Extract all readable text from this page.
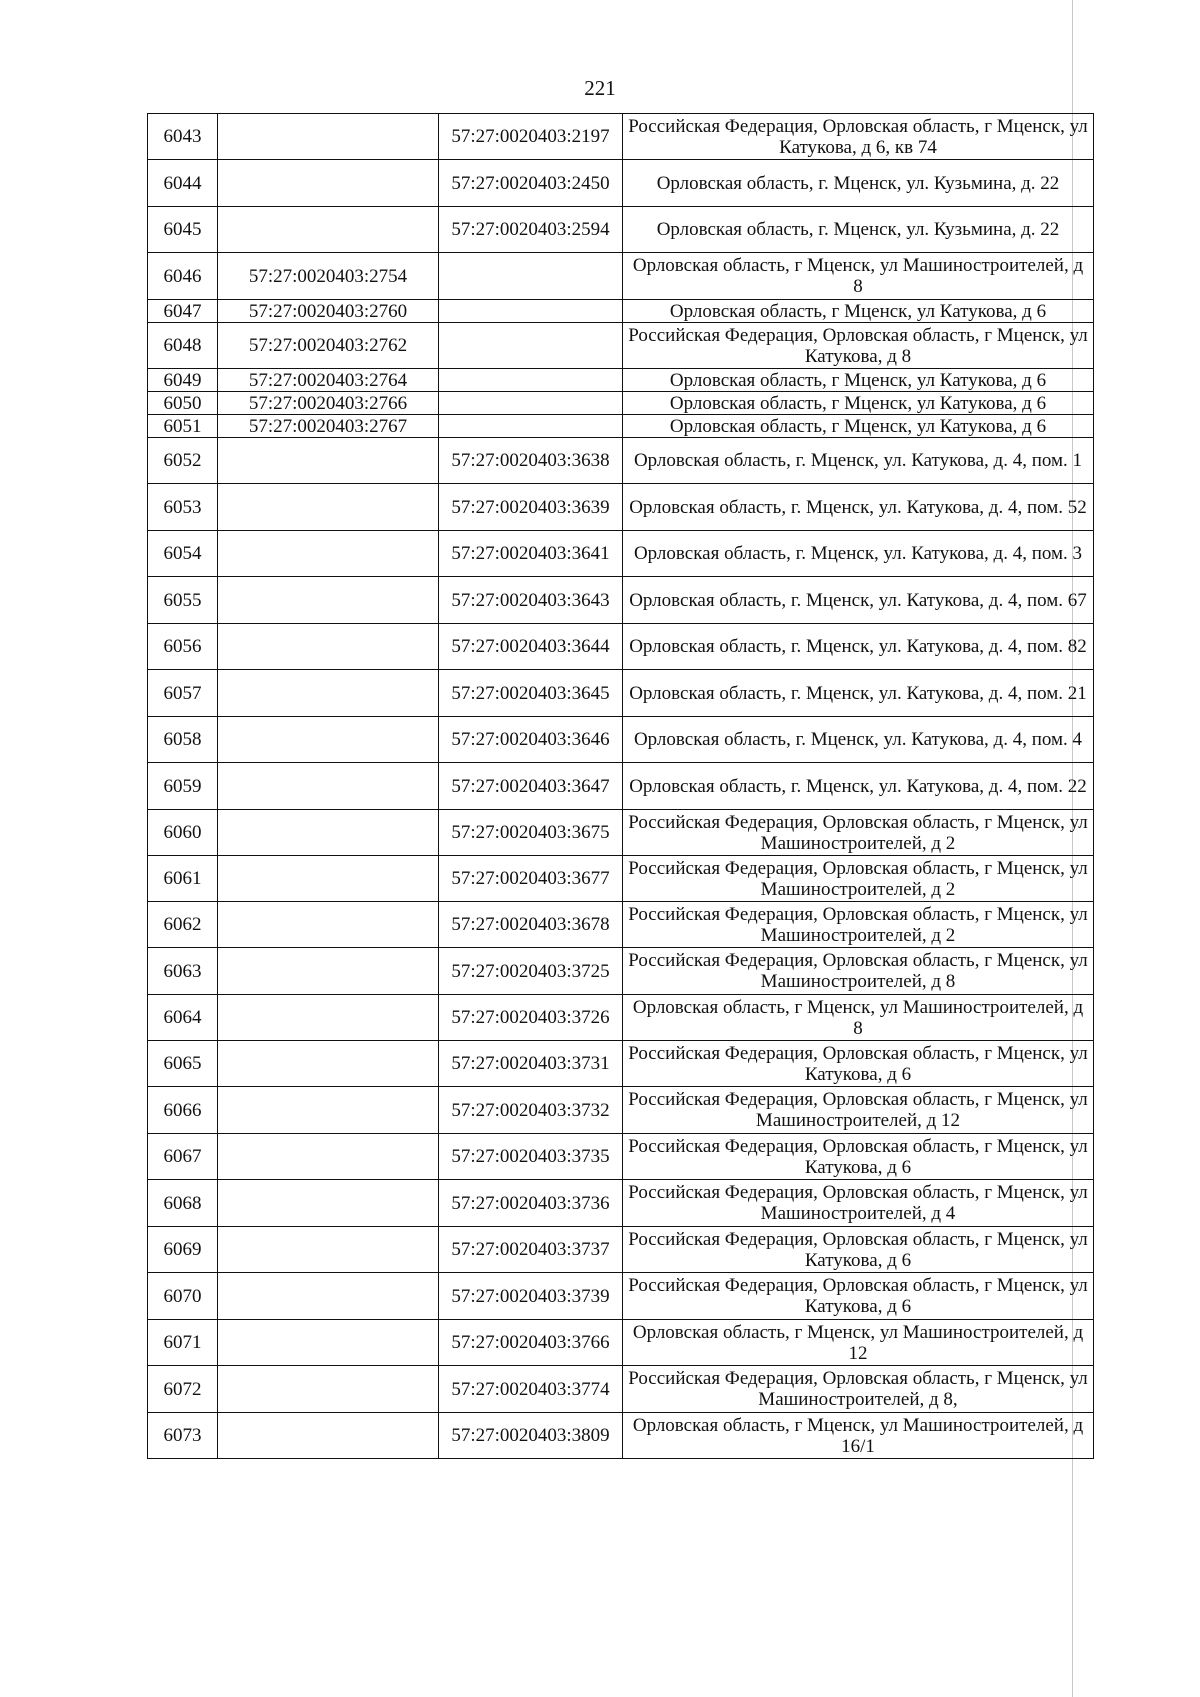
221
6043		57:27:0020403:2197	Российская Федерация, Орловская область, г Мценск, ул Катукова, д 6, кв 74
6044		57:27:0020403:2450	Орловская область, г. Мценск, ул. Кузьмина, д. 22
6045		57:27:0020403:2594	Орловская область, г. Мценск, ул. Кузьмина, д. 22
6046	57:27:0020403:2754		Орловская область, г Мценск, ул Машиностроителей, д 8
6047	57:27:0020403:2760		Орловская область, г Мценск, ул Катукова, д 6
6048	57:27:0020403:2762		Российская Федерация, Орловская область, г Мценск, ул Катукова, д 8
6049	57:27:0020403:2764		Орловская область, г Мценск, ул Катукова, д 6
6050	57:27:0020403:2766		Орловская область, г Мценск, ул Катукова, д 6
6051	57:27:0020403:2767		Орловская область, г Мценск, ул Катукова, д 6
6052		57:27:0020403:3638	Орловская область, г. Мценск, ул. Катукова, д. 4, пом. 1
6053		57:27:0020403:3639	Орловская область, г. Мценск, ул. Катукова, д. 4, пом. 52
6054		57:27:0020403:3641	Орловская область, г. Мценск, ул. Катукова, д. 4, пом. 3
6055		57:27:0020403:3643	Орловская область, г. Мценск, ул. Катукова, д. 4, пом. 67
6056		57:27:0020403:3644	Орловская область, г. Мценск, ул. Катукова, д. 4, пом. 82
6057		57:27:0020403:3645	Орловская область, г. Мценск, ул. Катукова, д. 4, пом. 21
6058		57:27:0020403:3646	Орловская область, г. Мценск, ул. Катукова, д. 4, пом. 4
6059		57:27:0020403:3647	Орловская область, г. Мценск, ул. Катукова, д. 4, пом. 22
6060		57:27:0020403:3675	Российская Федерация, Орловская область, г Мценск, ул Машиностроителей, д 2
6061		57:27:0020403:3677	Российская Федерация, Орловская область, г Мценск, ул Машиностроителей, д 2
6062		57:27:0020403:3678	Российская Федерация, Орловская область, г Мценск, ул Машиностроителей, д 2
6063		57:27:0020403:3725	Российская Федерация, Орловская область, г Мценск, ул Машиностроителей, д 8
6064		57:27:0020403:3726	Орловская область, г Мценск, ул Машиностроителей, д 8
6065		57:27:0020403:3731	Российская Федерация, Орловская область, г Мценск, ул Катукова, д 6
6066		57:27:0020403:3732	Российская Федерация, Орловская область, г Мценск, ул Машиностроителей, д 12
6067		57:27:0020403:3735	Российская Федерация, Орловская область, г Мценск, ул Катукова, д 6
6068		57:27:0020403:3736	Российская Федерация, Орловская область, г Мценск, ул Машиностроителей, д 4
6069		57:27:0020403:3737	Российская Федерация, Орловская область, г Мценск, ул Катукова, д 6
6070		57:27:0020403:3739	Российская Федерация, Орловская область, г Мценск, ул Катукова, д 6
6071		57:27:0020403:3766	Орловская область, г Мценск, ул Машиностроителей, д 12
6072		57:27:0020403:3774	Российская Федерация, Орловская область, г Мценск, ул Машиностроителей, д 8,
6073		57:27:0020403:3809	Орловская область, г Мценск, ул Машиностроителей, д 16/1
